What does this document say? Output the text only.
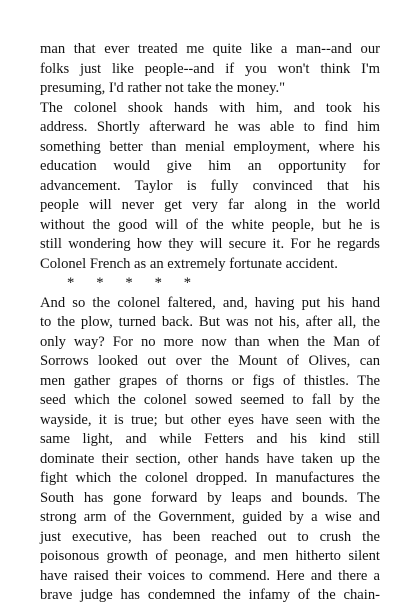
man that ever treated me quite like a man--and our
folks just like people--and if you won't think I'm
presuming, I'd rather not take the money."
The colonel shook hands with him, and took his
address. Shortly afterward he was able to find him
something better than menial employment, where his
education would give him an opportunity for
advancement. Taylor is fully convinced that his
people will never get very far along in the world
without the good will of the white people, but he is
still wondering how they will secure it. For he regards
Colonel French as an extremely fortunate accident.
*      *      *      *      *
And so the colonel faltered, and, having put his hand
to the plow, turned back. But was not his, after all, the
only way? For no more now than when the Man of
Sorrows looked out over the Mount of Olives, can
men gather grapes of thorns or figs of thistles. The
seed which the colonel sowed seemed to fall by the
wayside, it is true; but other eyes have seen with the
same light, and while Fetters and his kind still
dominate their section, other hands have taken up the
fight which the colonel dropped. In manufactures the
South has gone forward by leaps and bounds. The
strong arm of the Government, guided by a wise and
just executive, has been reached out to crush the
poisonous growth of peonage, and men hitherto silent
have raised their voices to commend. Here and there a
brave judge has condemned the infamy of the chain-
